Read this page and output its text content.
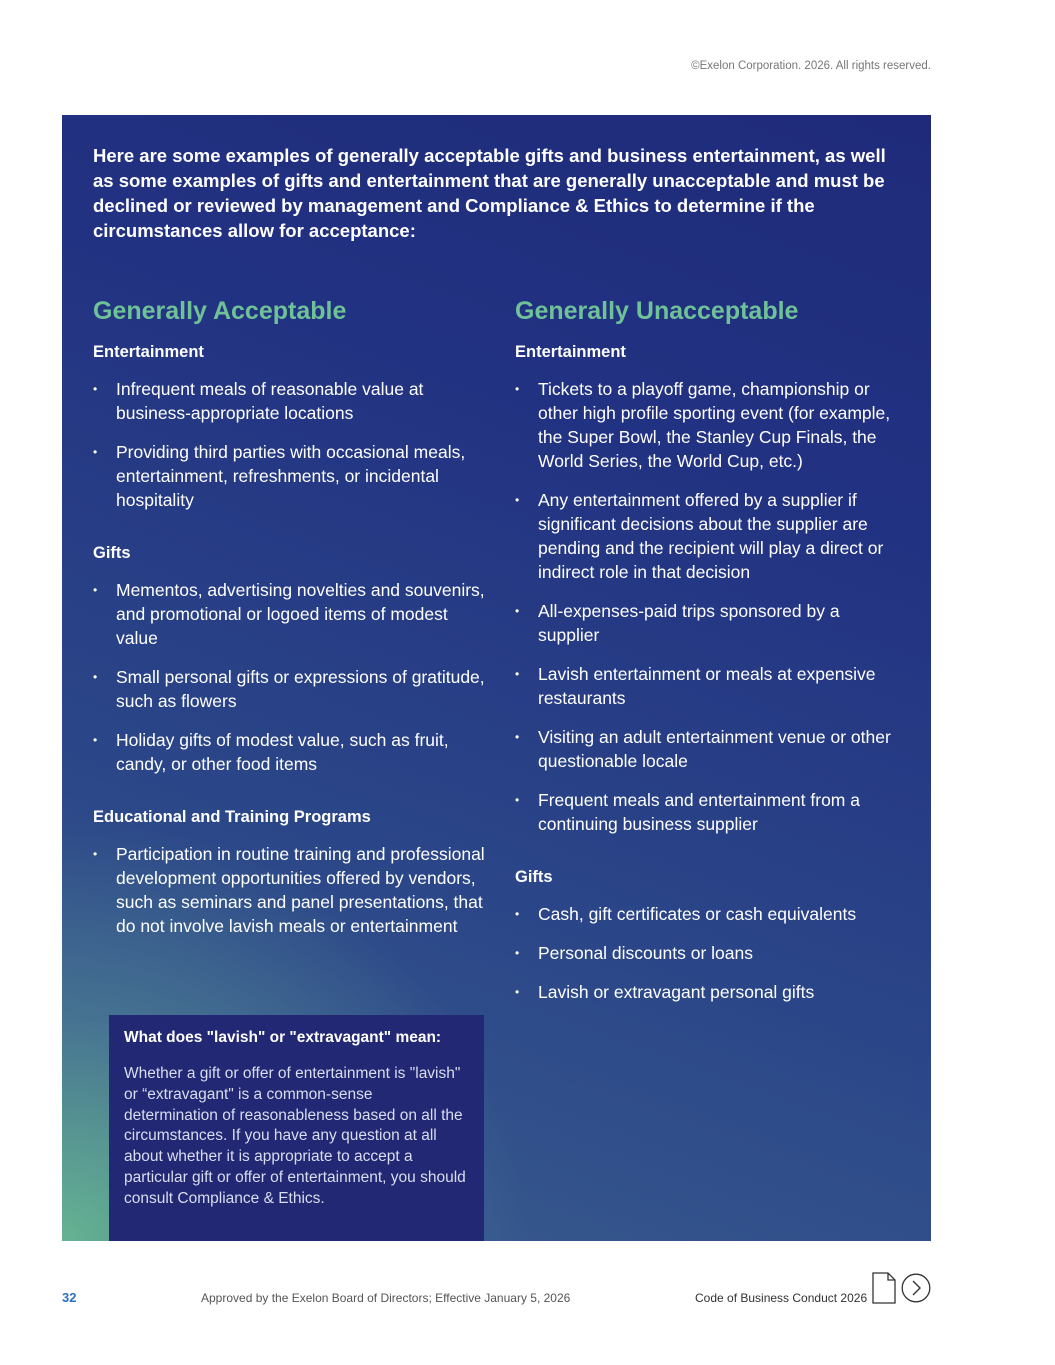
©Exelon Corporation. 2026. All rights reserved.

Here are some examples of generally acceptable gifts and business entertainment, as well as some examples of gifts and entertainment that are generally unacceptable and must be declined or reviewed by management and Compliance & Ethics to determine if the circumstances allow for acceptance:

Generally Acceptable
Entertainment
• Infrequent meals of reasonable value at business-appropriate locations
• Providing third parties with occasional meals, entertainment, refreshments, or incidental hospitality
Gifts
• Mementos, advertising novelties and souvenirs, and promotional or logoed items of modest value
• Small personal gifts or expressions of gratitude, such as flowers
• Holiday gifts of modest value, such as fruit, candy, or other food items
Educational and Training Programs
• Participation in routine training and professional development opportunities offered by vendors, such as seminars and panel presentations, that do not involve lavish meals or entertainment
Generally Unacceptable
Entertainment
• Tickets to a playoff game, championship or other high profile sporting event (for example, the Super Bowl, the Stanley Cup Finals, the World Series, the World Cup, etc.)
• Any entertainment offered by a supplier if significant decisions about the supplier are pending and the recipient will play a direct or indirect role in that decision
• All-expenses-paid trips sponsored by a supplier
• Lavish entertainment or meals at expensive restaurants
• Visiting an adult entertainment venue or other questionable locale
• Frequent meals and entertainment from a continuing business supplier
Gifts
• Cash, gift certificates or cash equivalents
• Personal discounts or loans
• Lavish or extravagant personal gifts

What does "lavish" or "extravagant" mean:

Whether a gift or offer of entertainment is "lavish" or “extravagant" is a common-sense determination of reasonableness based on all the circumstances. If you have any question at all about whether it is appropriate to accept a particular gift or offer of entertainment, you should consult Compliance & Ethics.

32	Approved by the Exelon Board of Directors; Effective January 5, 2026	Code of Business Conduct 2026
